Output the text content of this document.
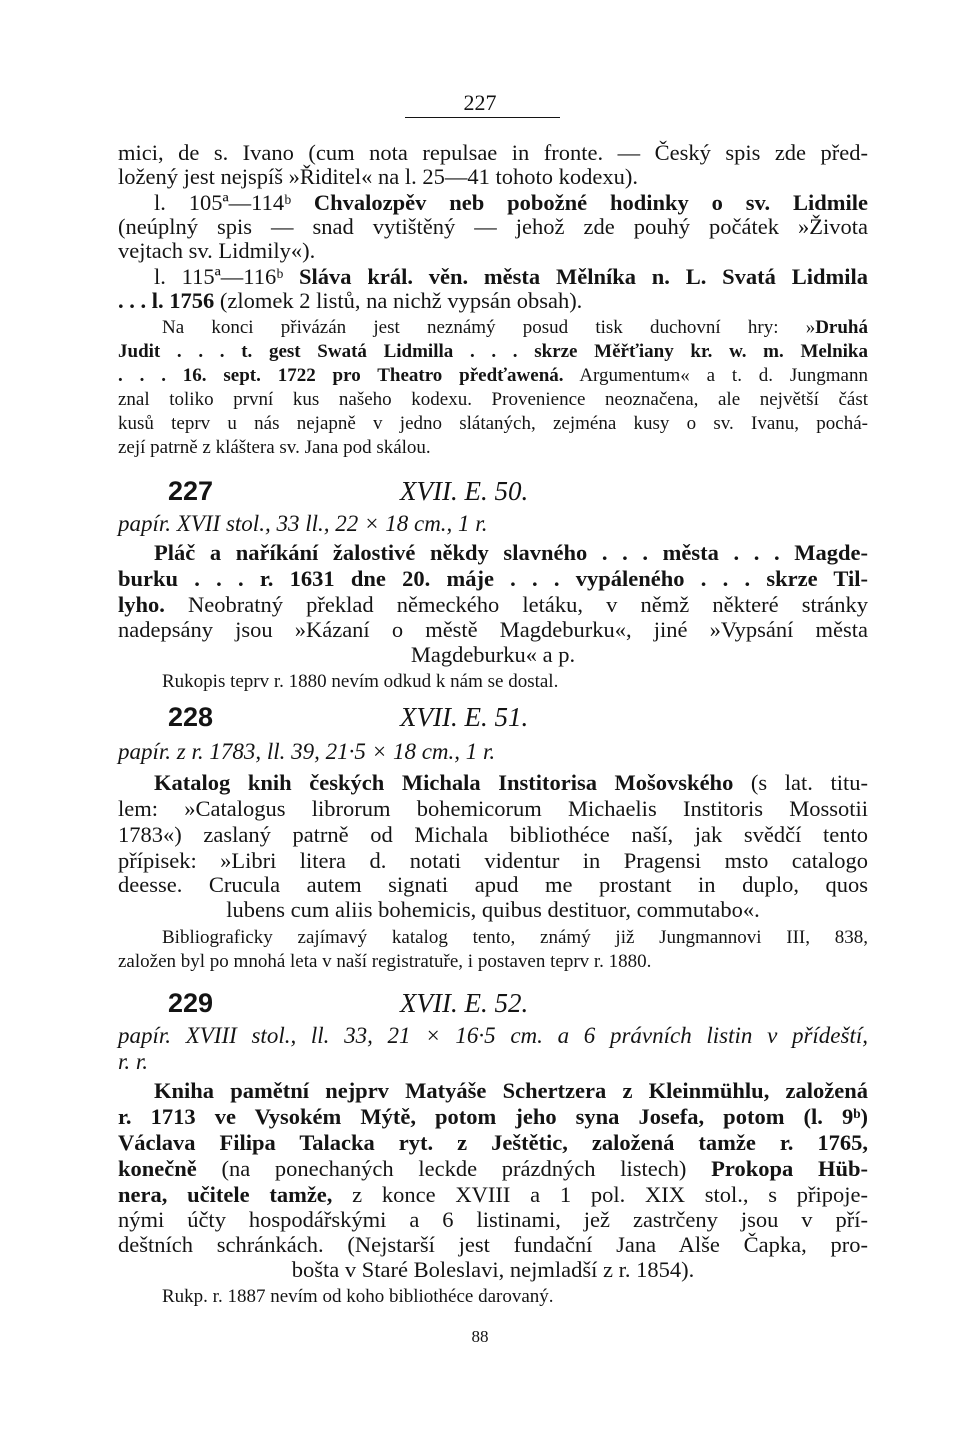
227
mici, de s. Ivano (cum nota repulsae in fronte. — Český spis zde před-
ložený jest nejspíš »Řiditel« na l. 25—41 tohoto kodexu).
l. 105ª—114ᵇ Chvalozpěv neb pobožné hodinky o sv. Lidmile
(neúplný spis — snad vytištěný — jehož zde pouhý počátek »Života
vejtach sv. Lidmily«).
l. 115ª—116ᵇ Sláva král. věn. města Mělníka n. L. Svatá Lidmila
. . . l. 1756 (zlomek 2 listů, na nichž vypsán obsah).
Na konci přivázán jest neznámý posud tisk duchovní hry: »Druhá
Judit . . . t. gest Swatá Lidmilla . . . skrze Měřťiany kr. w. m. Melnika
. . . 16. sept. 1722 pro Theatro předťawená. Argumentum« a t. d. Jungmann
znal toliko první kus našeho kodexu. Provenience neoznačena, ale největší část
kusů teprv u nás nejapně v jedno slátaných, zejména kusy o sv. Ivanu, pochá-
zejí patrně z kláštera sv. Jana pod skálou.
227	XVII. E. 50.
papír. XVII stol., 33 ll., 22 × 18 cm., 1 r.
Pláč a naříkání žalostivé někdy slavného . . . města . . . Magde-
burku . . . r. 1631 dne 20. máje . . . vypáleného . . . skrze Til-
lyho. Neobratný překlad německého letáku, v němž některé stránky
nadepsány jsou »Kázaní o městě Magdeburku«, jiné »Vypsání města
Magdeburku« a p.
Rukopis teprv r. 1880 nevím odkud k nám se dostal.
228	XVII. E. 51.
papír. z r. 1783, ll. 39, 21·5 × 18 cm., 1 r.
Katalog knih českých Michala Institorisa Mošovského (s lat. titu-
lem: »Catalogus librorum bohemicorum Michaelis Institoris Mossotii
1783«) zaslaný patrně od Michala bibliothéce naší, jak svědčí tento
přípisek: »Libri litera d. notati videntur in Pragensi msto catalogo
deesse. Crucula autem signati apud me prostant in duplo, quos
lubens cum aliis bohemicis, quibus destituor, commutabo«.
Bibliograficky zajímavý katalog tento, známý již Jungmannovi III, 838,
založen byl po mnohá leta v naší registratuře, i postaven teprv r. 1880.
229	XVII. E. 52.
papír. XVIII stol., ll. 33, 21 × 16·5 cm. a 6 právních listin v přídeští,
r. r.
Kniha pamětní nejprv Matyáše Schertzera z Kleinmühlu, založená
r. 1713 ve Vysokém Mýtě, potom jeho syna Josefa, potom (l. 9ᵇ)
Václava Filipa Talacka ryt. z Ještětic, založená tamže r. 1765,
konečně (na ponechaných leckde prázdných listech) Prokopa Hüb-
nera, učitele tamže, z konce XVIII a 1 pol. XIX stol., s připoje-
nými účty hospodářskými a 6 listinami, jež zastrčeny jsou v pří-
deštních schránkách. (Nejstarší jest fundační Jana Alše Čapka, pro-
bošta v Staré Boleslavi, nejmladší z r. 1854).
Rukp. r. 1887 nevím od koho bibliothéce darovaný.
88
